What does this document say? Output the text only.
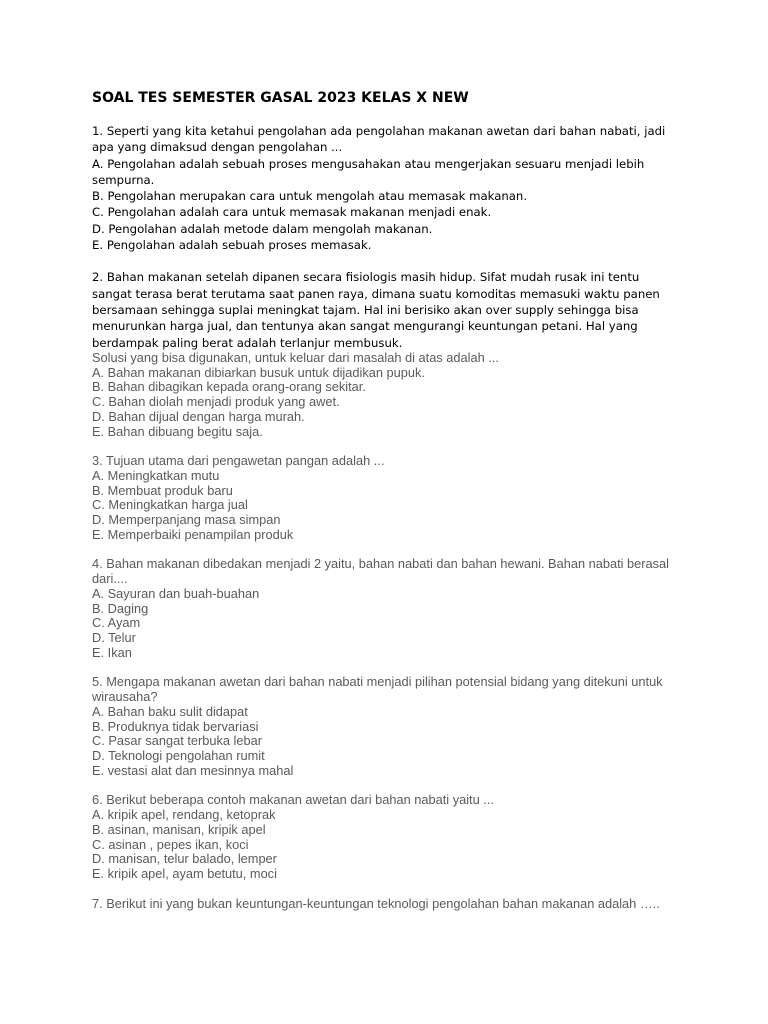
SOAL TES SEMESTER GASAL 2023 KELAS X NEW

1. Seperti yang kita ketahui pengolahan ada pengolahan makanan awetan dari bahan nabati, jadi apa yang dimaksud dengan pengolahan ...

A. Pengolahan adalah sebuah proses mengusahakan atau mengerjakan sesuaru menjadi lebih sempurna.

B. Pengolahan merupakan cara untuk mengolah atau memasak makanan.

C. Pengolahan adalah cara untuk memasak makanan menjadi enak.

D. Pengolahan adalah metode dalam mengolah makanan.

E. Pengolahan adalah sebuah proses memasak.

2. Bahan makanan setelah dipanen secara fisiologis masih hidup. Sifat mudah rusak ini tentu sangat terasa berat terutama saat panen raya, dimana suatu komoditas memasuki waktu panen bersamaan sehingga suplai meningkat tajam. Hal ini berisiko akan over supply sehingga bisa menurunkan harga jual, dan tentunya akan sangat mengurangi keuntungan petani. Hal yang berdampak paling berat adalah terlanjur membusuk.

Solusi yang bisa digunakan, untuk keluar dari masalah di atas adalah ...

A. Bahan makanan dibiarkan busuk untuk dijadikan pupuk.

B. Bahan dibagikan kepada orang-orang sekitar.

C. Bahan diolah menjadi produk yang awet.

D. Bahan dijual dengan harga murah.

E. Bahan dibuang begitu saja.

3. Tujuan utama dari pengawetan pangan adalah ...

A. Meningkatkan mutu

B. Membuat produk baru

C. Meningkatkan harga jual

D. Memperpanjang masa simpan

E. Memperbaiki penampilan produk

4. Bahan makanan dibedakan menjadi 2 yaitu, bahan nabati dan bahan hewani. Bahan nabati berasal dari....

A. Sayuran dan buah-buahan

B. Daging

C. Ayam

D. Telur

E. Ikan

5. Mengapa makanan awetan dari bahan nabati menjadi pilihan potensial bidang yang ditekuni untuk wirausaha?

A. Bahan baku sulit didapat

B. Produknya tidak bervariasi

C. Pasar sangat terbuka lebar

D. Teknologi pengolahan rumit

E. vestasi alat dan mesinnya mahal

6. Berikut beberapa contoh makanan awetan dari bahan nabati yaitu ...

A. kripik apel, rendang, ketoprak

B. asinan, manisan, kripik apel

C. asinan , pepes ikan, koci

D. manisan, telur balado, lemper

E. kripik apel, ayam betutu, moci

7. Berikut ini yang bukan keuntungan-keuntungan teknologi pengolahan bahan makanan adalah …..
